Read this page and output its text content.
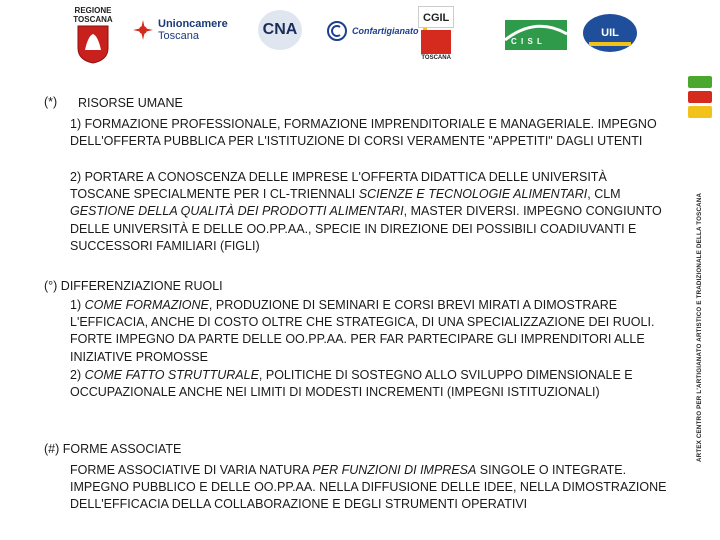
REGIONE
TOSCANA	Unioncamere
Toscana	CNA	Confartigianato
CGIL
TOSCANA
C I S L
UIL
ARTEX CENTRO PER L'ARTIGIANATO ARTISTICO E TRADIZIONALE DELLA TOSCANA
(*) RISORSE UMANE
1) FORMAZIONE PROFESSIONALE, FORMAZIONE IMPRENDITORIALE E MANAGERIALE. IMPEGNO DELL'OFFERTA PUBBLICA PER L'ISTITUZIONE DI CORSI VERAMENTE "APPETITI" DAGLI UTENTI
2) PORTARE A CONOSCENZA DELLE IMPRESE L'OFFERTA DIDATTICA DELLE UNIVERSITÀ TOSCANE SPECIALMENTE PER I CL-TRIENNALI SCIENZE E TECNOLOGIE ALIMENTARI, CLM GESTIONE DELLA QUALITÀ DEI PRODOTTI ALIMENTARI, MASTER DIVERSI. IMPEGNO CONGIUNTO DELLE UNIVERSITÀ E DELLE OO.PP.AA., SPECIE IN DIREZIONE DEI POSSIBILI COADIUVANTI E SUCCESSORI FAMILIARI (FIGLI)
(°) DIFFERENZIAZIONE RUOLI
1) COME FORMAZIONE, PRODUZIONE DI SEMINARI E CORSI BREVI MIRATI A DIMOSTRARE L'EFFICACIA, ANCHE DI COSTO OLTRE CHE STRATEGICA, DI UNA SPECIALIZZAZIONE DEI RUOLI. FORTE IMPEGNO DA PARTE DELLE OO.PP.AA. PER FAR PARTECIPARE GLI IMPRENDITORI ALLE INIZIATIVE PROMOSSE
2) COME FATTO STRUTTURALE, POLITICHE DI SOSTEGNO ALLO SVILUPPO DIMENSIONALE E OCCUPAZIONALE ANCHE NEI LIMITI DI MODESTI INCREMENTI (IMPEGNI ISTITUZIONALI)
(#) FORME ASSOCIATE
FORME ASSOCIATIVE DI VARIA NATURA PER FUNZIONI DI IMPRESA SINGOLE O INTEGRATE. IMPEGNO PUBBLICO E DELLE OO.PP.AA. NELLA DIFFUSIONE DELLE IDEE, NELLA DIMOSTRAZIONE DELL'EFFICACIA DELLA COLLABORAZIONE E DEGLI STRUMENTI OPERATIVI
